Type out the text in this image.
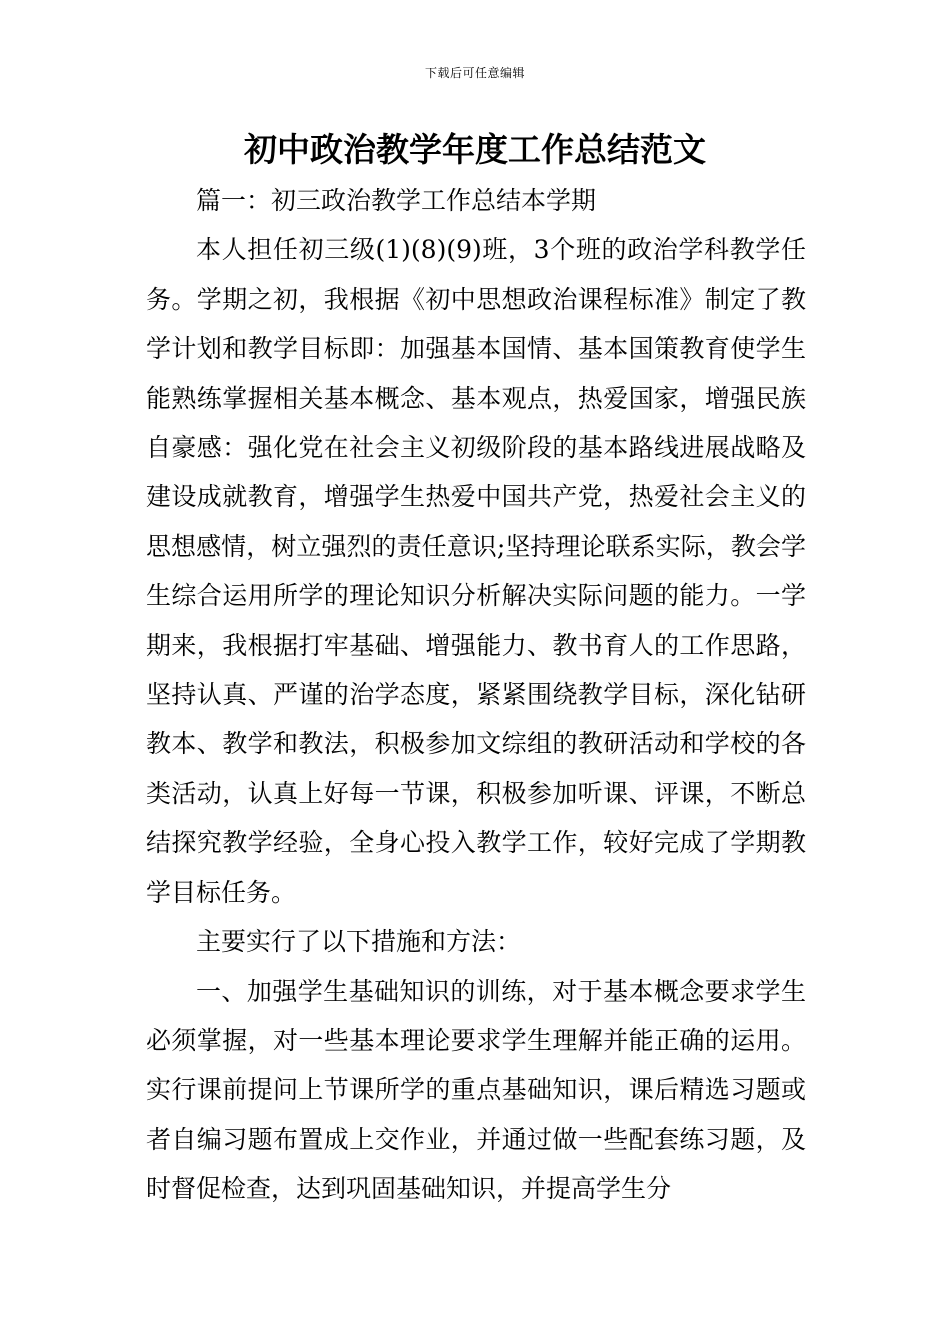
下载后可任意编辑
初中政治教学年度工作总结范文

篇一：初三政治教学工作总结本学期

本人担任初三级(1)(8)(9)班，3个班的政治学科教学任务。学期之初，我根据《初中思想政治课程标准》制定了教学计划和教学目标即：加强基本国情、基本国策教育使学生能熟练掌握相关基本概念、基本观点，热爱国家，增强民族自豪感：强化党在社会主义初级阶段的基本路线进展战略及建设成就教育，增强学生热爱中国共产党，热爱社会主义的思想感情，树立强烈的责任意识;坚持理论联系实际，教会学生综合运用所学的理论知识分析解决实际问题的能力。一学期来，我根据打牢基础、增强能力、教书育人的工作思路，坚持认真、严谨的治学态度，紧紧围绕教学目标，深化钻研教本、教学和教法，积极参加文综组的教研活动和学校的各类活动，认真上好每一节课，积极参加听课、评课，不断总结探究教学经验，全身心投入教学工作，较好完成了学期教学目标任务。

主要实行了以下措施和方法：

一、加强学生基础知识的训练，对于基本概念要求学生必须掌握，对一些基本理论要求学生理解并能正确的运用。实行课前提问上节课所学的重点基础知识，课后精选习题或者自编习题布置成上交作业，并通过做一些配套练习题，及时督促检查，达到巩固基础知识，并提高学生分
